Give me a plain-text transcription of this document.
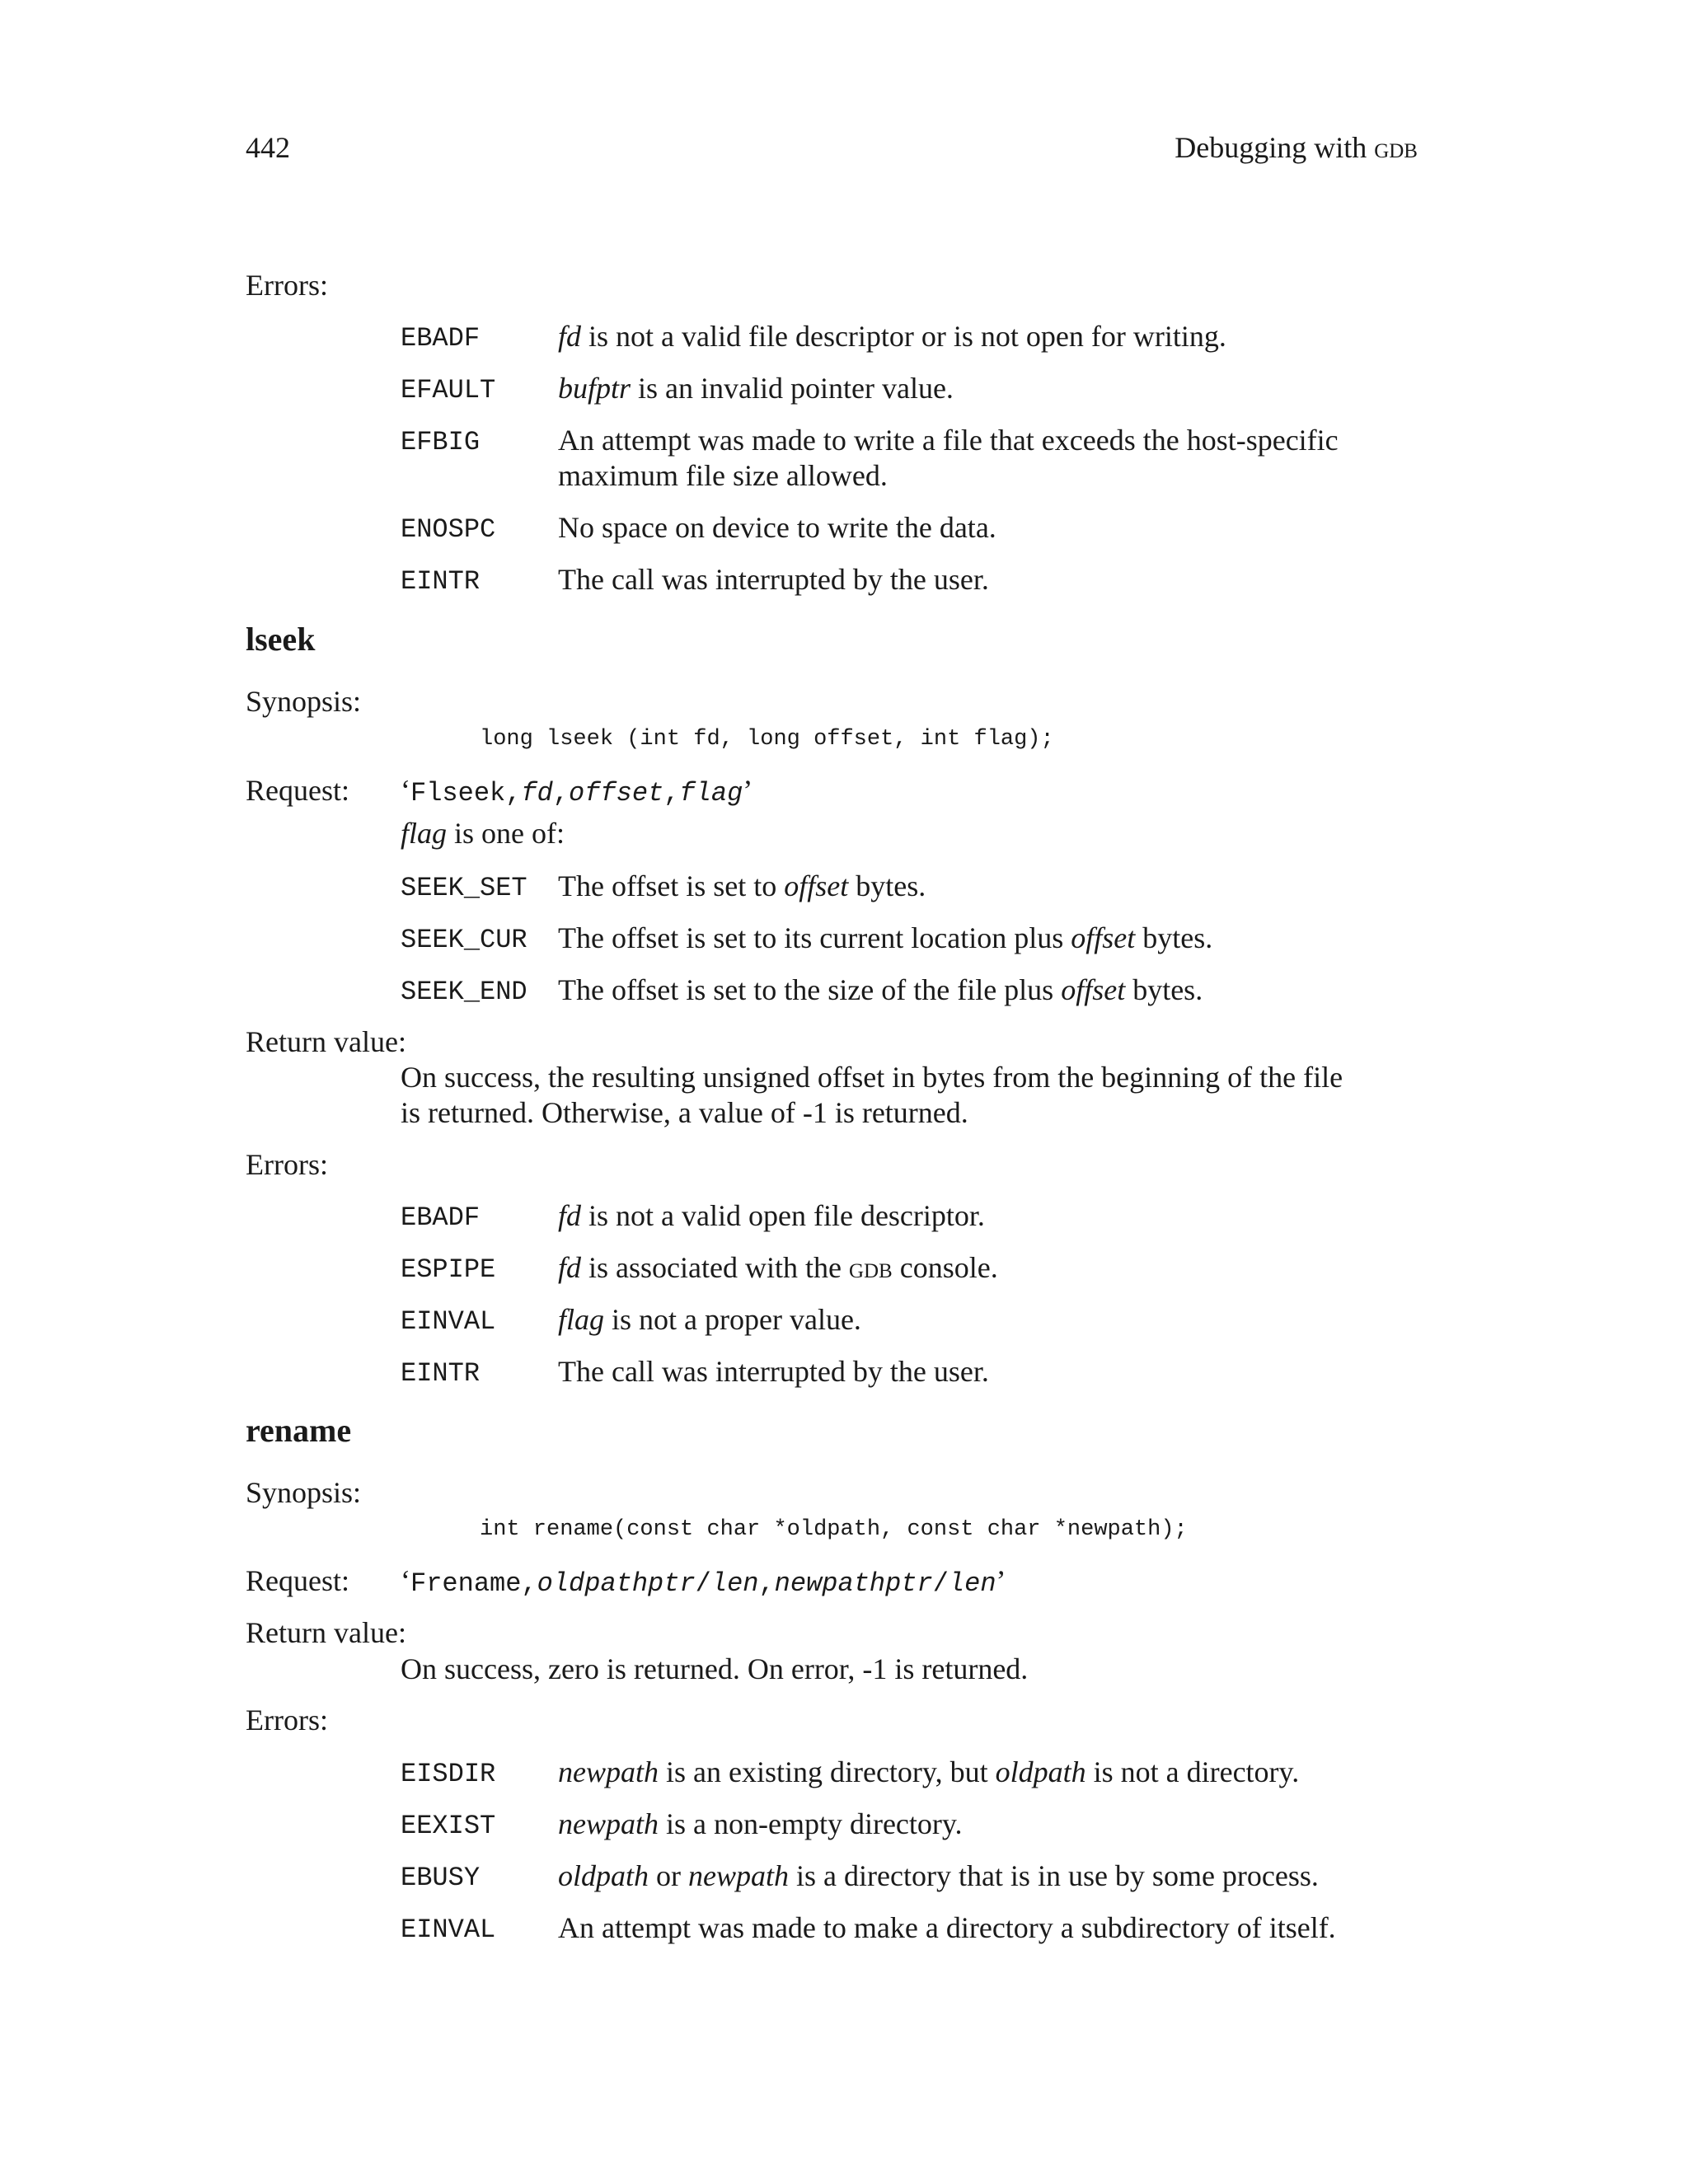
442	Debugging with gdb
Errors:
EBADF	fd is not a valid file descriptor or is not open for writing.
EFAULT bufptr is an invalid pointer value.
EFBIG	An attempt was made to write a file that exceeds the host-specific
maximum file size allowed.
ENOSPC No space on device to write the data.
EINTR	The call was interrupted by the user.
lseek
Synopsis:
long lseek (int fd, long offset, int flag);
Request: ‘Flseek,fd,offset,flag’
flag is one of:
SEEK_SET The offset is set to offset bytes.
SEEK_CUR The offset is set to its current location plus offset bytes.
SEEK_END The offset is set to the size of the file plus offset bytes.
Return value:
On success, the resulting unsigned offset in bytes from the beginning of the file
is returned. Otherwise, a value of -1 is returned.
Errors:
EBADF	fd is not a valid open file descriptor.
ESPIPE fd is associated with the gdb console.
EINVAL flag is not a proper value.
EINTR	The call was interrupted by the user.
rename
Synopsis:
int rename(const char *oldpath, const char *newpath);
Request: ‘Frename,oldpathptr/len,newpathptr/len’
Return value:
On success, zero is returned. On error, -1 is returned.
Errors:
EISDIR newpath is an existing directory, but oldpath is not a directory.
EEXIST newpath is a non-empty directory.
EBUSY	oldpath or newpath is a directory that is in use by some process.
EINVAL An attempt was made to make a directory a subdirectory of itself.
